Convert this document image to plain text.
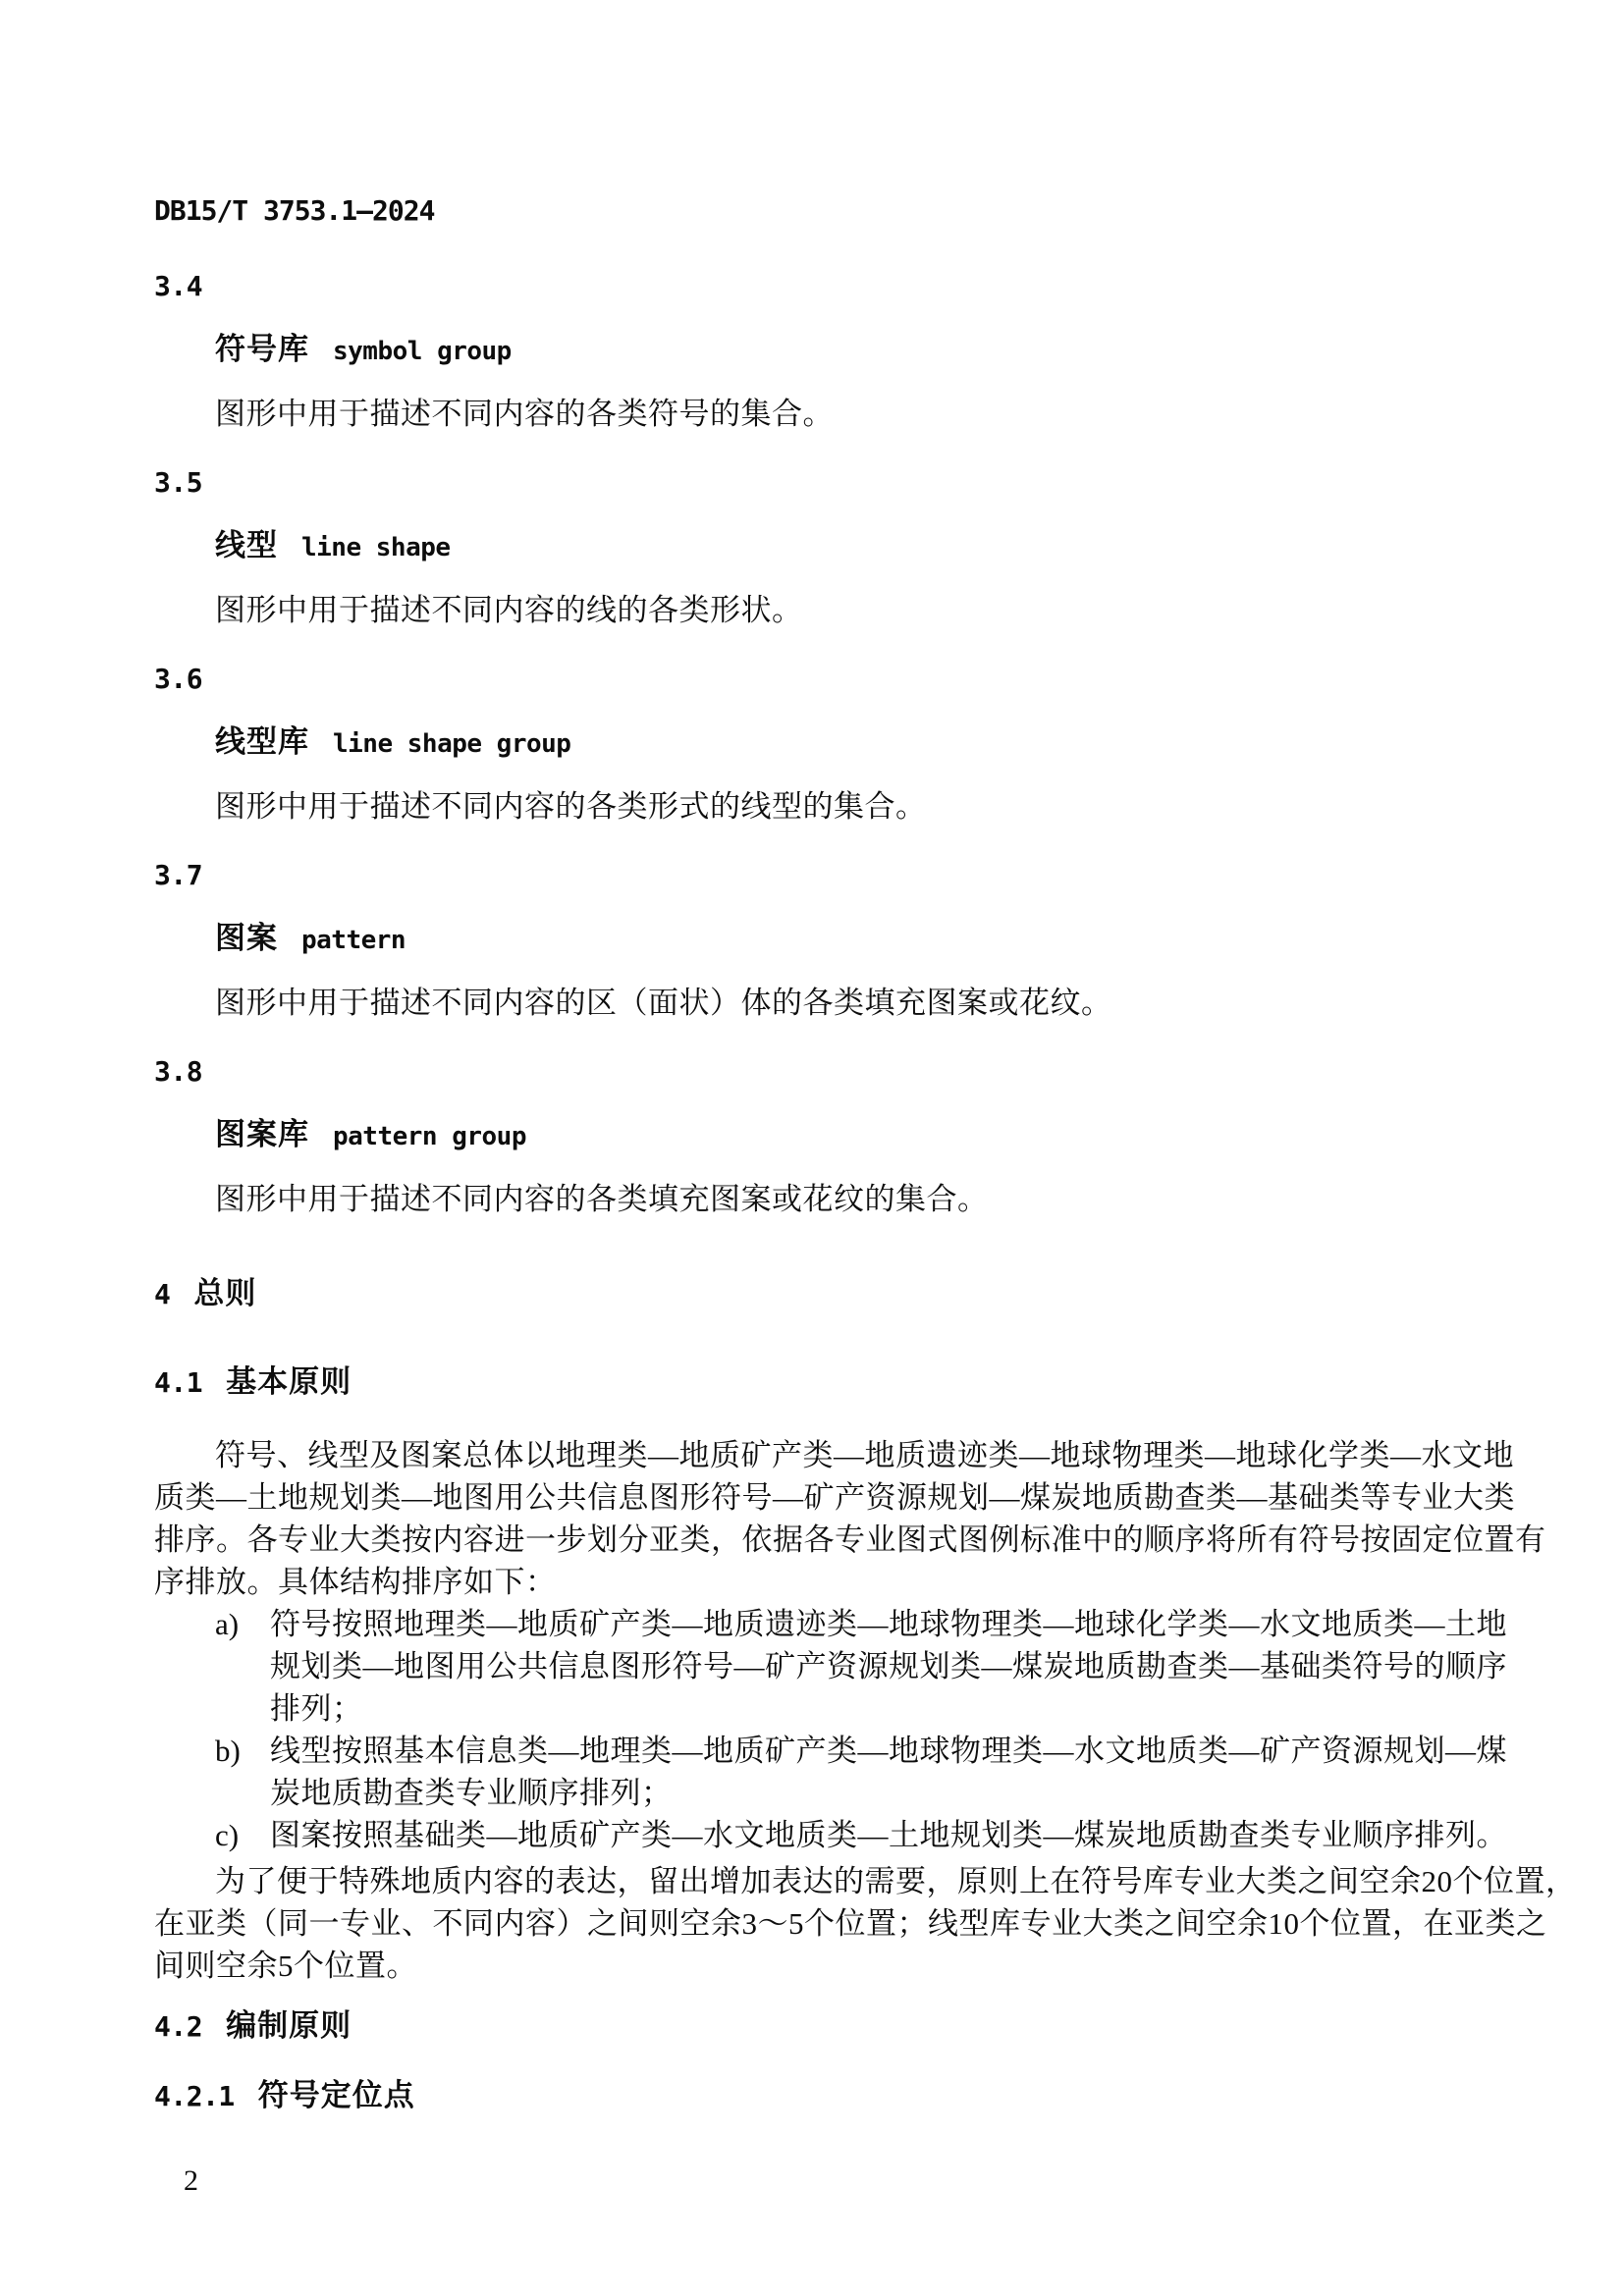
DB15/T 3753.1—2024
3.4
符号库 symbol group
图形中用于描述不同内容的各类符号的集合。
3.5
线型 line shape
图形中用于描述不同内容的线的各类形状。
3.6
线型库 line shape group
图形中用于描述不同内容的各类形式的线型的集合。
3.7
图案 pattern
图形中用于描述不同内容的区（面状）体的各类填充图案或花纹。
3.8
图案库 pattern group
图形中用于描述不同内容的各类填充图案或花纹的集合。
4 总则
4.1 基本原则
符号、线型及图案总体以地理类—地质矿产类—地质遗迹类—地球物理类—地球化学类—水文地
质类—土地规划类—地图用公共信息图形符号—矿产资源规划—煤炭地质勘查类—基础类等专业大类
排序。各专业大类按内容进一步划分亚类，依据各专业图式图例标准中的顺序将所有符号按固定位置有
序排放。具体结构排序如下：
a) 符号按照地理类—地质矿产类—地质遗迹类—地球物理类—地球化学类—水文地质类—土地
规划类—地图用公共信息图形符号—矿产资源规划类—煤炭地质勘查类—基础类符号的顺序
排列；
b) 线型按照基本信息类—地理类—地质矿产类—地球物理类—水文地质类—矿产资源规划—煤
炭地质勘查类专业顺序排列；
c) 图案按照基础类—地质矿产类—水文地质类—土地规划类—煤炭地质勘查类专业顺序排列。
为了便于特殊地质内容的表达，留出增加表达的需要，原则上在符号库专业大类之间空余20个位置，
在亚类（同一专业、不同内容）之间则空余3～5个位置；线型库专业大类之间空余10个位置，在亚类之
间则空余5个位置。
4.2 编制原则
4.2.1 符号定位点
2
